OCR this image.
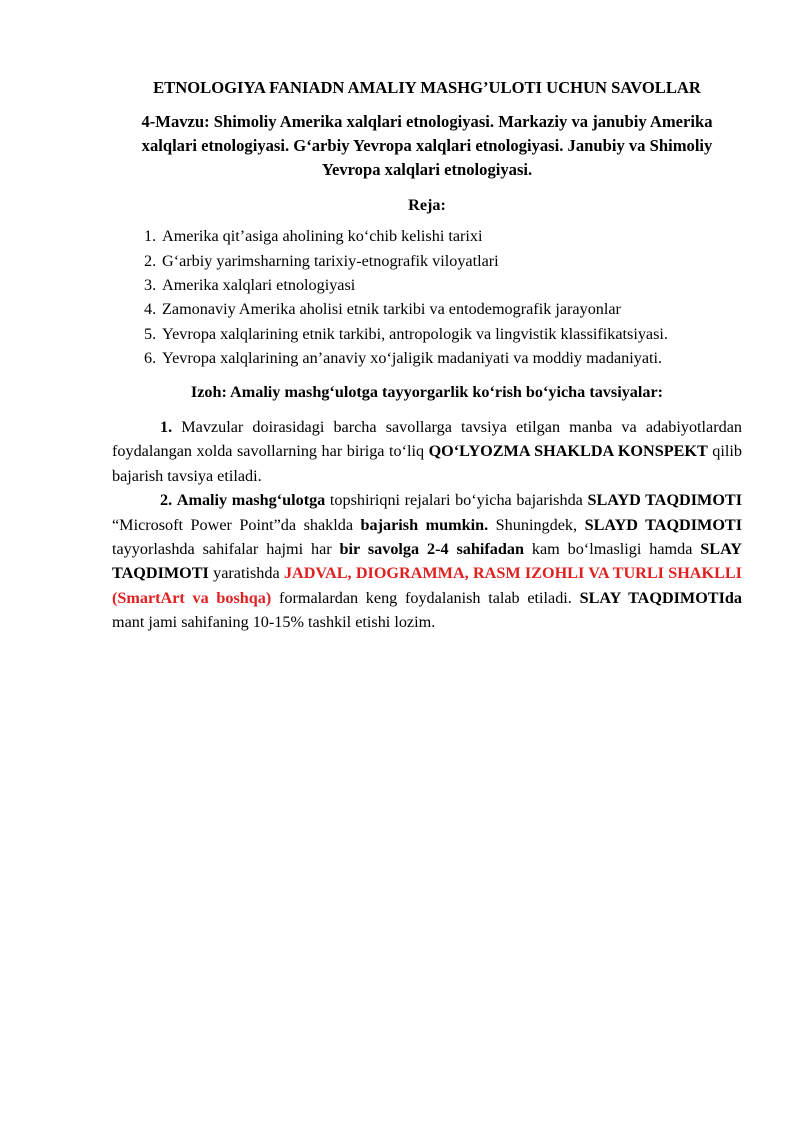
ETNOLOGIYA FANIADN AMALIY MASHG’ULOTI UCHUN SAVOLLAR
4-Mavzu: Shimoliy Amerika xalqlari etnologiyasi. Markaziy va janubiy Amerika xalqlari etnologiyasi. G‘arbiy Yevropa xalqlari etnologiyasi. Janubiy va Shimoliy Yevropa xalqlari etnologiyasi.
Reja:
1. Amerika qit’asiga aholining ko‘chib kelishi tarixi
2. G‘arbiy yarimsharning tarixiy-etnografik viloyatlari
3. Amerika xalqlari etnologiyasi
4. Zamonaviy Amerika aholisi etnik tarkibi va entodemografik jarayonlar
5. Yevropa xalqlarining etnik tarkibi, antropologik va lingvistik klassifikatsiyasi.
6. Yevropa xalqlarining an’anaviy xo‘jaligik madaniyati va moddiy madaniyati.
Izoh: Amaliy mashg‘ulotga tayyorgarlik ko‘rish bo‘yicha tavsiyalar:

1. Mavzular doirasidagi barcha savollarga tavsiya etilgan manba va adabiyotlardan foydalangan xolda savollarning har biriga to‘liq QO‘LYOZMA SHAKLDA KONSPEKT qilib bajarish tavsiya etiladi.

2. Amaliy mashg‘ulotga topshiriqni rejalari bo‘yicha bajarishda SLAYD TAQDIMOTI “Microsoft Power Point”da shaklda bajarish mumkin. Shuningdek, SLAYD TAQDIMOTI tayyorlashda sahifalar hajmi har bir savolga 2-4 sahifadan kam bo‘lmasligi hamda SLAY TAQDIMOTI yaratishda JADVAL, DIOGRAMMA, RASM IZOHLI VA TURLI SHAKLLI (SmartArt va boshqa) formalardan keng foydalanish talab etiladi. SLAY TAQDIMOTIda mant jami sahifaning 10-15% tashkil etishi lozim.
